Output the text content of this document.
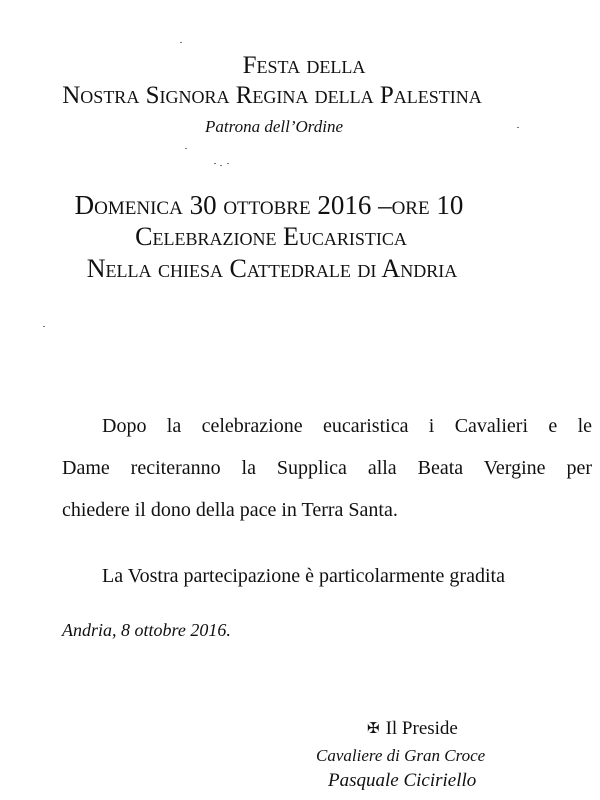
Festa della
Nostra Signora Regina della Palestina
Patrona dell’Ordine
Domenica 30 ottobre 2016 –ore 10
Celebrazione Eucaristica
Nella chiesa Cattedrale di Andria
Dopo la celebrazione eucaristica i Cavalieri e le
Dame reciteranno la Supplica alla Beata Vergine per
chiedere il dono della pace in Terra Santa.
La Vostra partecipazione è particolarmente gradita
Andria, 8 ottobre 2016.
✠ Il Preside
Cavaliere di Gran Croce
Pasquale Ciciriello
